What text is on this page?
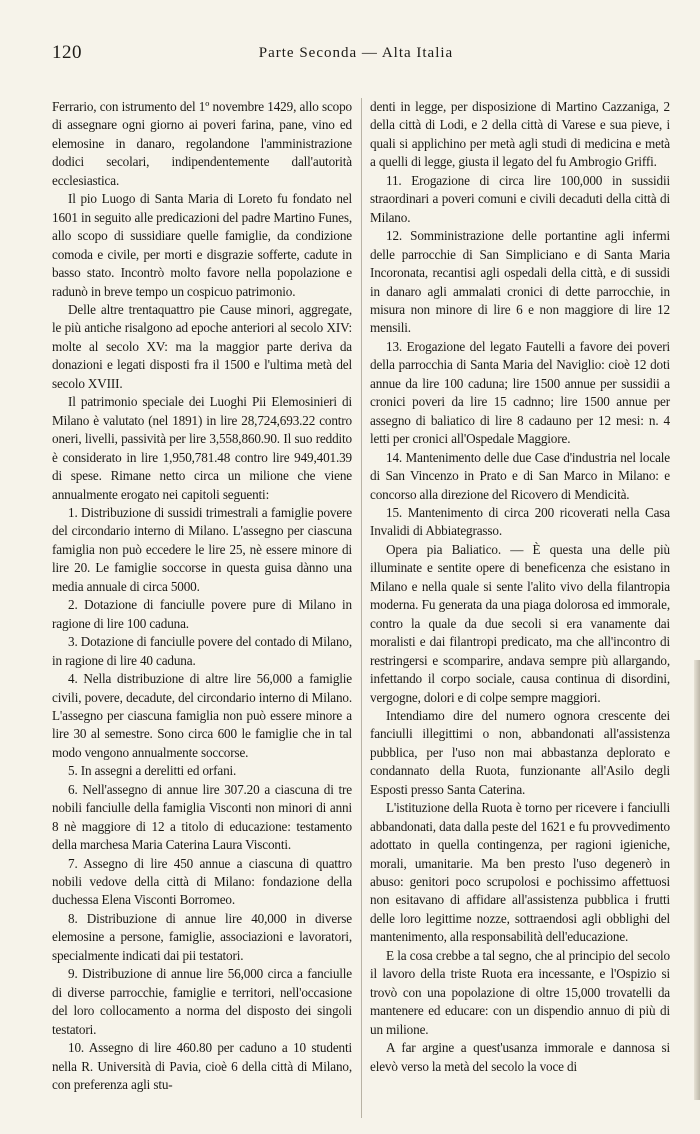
120	Parte Seconda — Alta Italia

Ferrario, con istrumento del 1º novembre 1429, allo scopo di assegnare ogni giorno ai poveri farina, pane, vino ed elemosine in danaro, regolandone l'amministrazione dodici secolari, indipendentemente dall'autorità ecclesiastica.

Il pio Luogo di Santa Maria di Loreto fu fondato nel 1601 in seguito alle predicazioni del padre Martino Funes, allo scopo di sussidiare quelle famiglie, da condizione comoda e civile, per morti e disgrazie sofferte, cadute in basso stato. Incontrò molto favore nella popolazione e radunò in breve tempo un cospicuo patrimonio.

Delle altre trentaquattro pie Cause minori, aggregate, le più antiche risalgono ad epoche anteriori al secolo XIV: molte al secolo XV: ma la maggior parte deriva da donazioni e legati disposti fra il 1500 e l'ultima metà del secolo XVIII.

Il patrimonio speciale dei Luoghi Pii Elemosinieri di Milano è valutato (nel 1891) in lire 28,724,693.22 contro oneri, livelli, passività per lire 3,558,860.90. Il suo reddito è considerato in lire 1,950,781.48 contro lire 949,401.39 di spese. Rimane netto circa un milione che viene annualmente erogato nei capitoli seguenti:

1. Distribuzione di sussidi trimestrali a famiglie povere del circondario interno di Milano. L'assegno per ciascuna famiglia non può eccedere le lire 25, nè essere minore di lire 20. Le famiglie soccorse in questa guisa dànno una media annuale di circa 5000.

2. Dotazione di fanciulle povere pure di Milano in ragione di lire 100 caduna.

3. Dotazione di fanciulle povere del contado di Milano, in ragione di lire 40 caduna.

4. Nella distribuzione di altre lire 56,000 a famiglie civili, povere, decadute, del circondario interno di Milano. L'assegno per ciascuna famiglia non può essere minore a lire 30 al semestre. Sono circa 600 le famiglie che in tal modo vengono annualmente soccorse.

5. In assegni a derelitti ed orfani.

6. Nell'assegno di annue lire 307.20 a ciascuna di tre nobili fanciulle della famiglia Visconti non minori di anni 8 nè maggiore di 12 a titolo di educazione: testamento della marchesa Maria Caterina Laura Visconti.

7. Assegno di lire 450 annue a ciascuna di quattro nobili vedove della città di Milano: fondazione della duchessa Elena Visconti Borromeo.

8. Distribuzione di annue lire 40,000 in diverse elemosine a persone, famiglie, associazioni e lavoratori, specialmente indicati dai pii testatori.

9. Distribuzione di annue lire 56,000 circa a fanciulle di diverse parrocchie, famiglie e territori, nell'occasione del loro collocamento a norma del disposto dei singoli testatori.

10. Assegno di lire 460.80 per caduno a 10 studenti nella R. Università di Pavia, cioè 6 della città di Milano, con preferenza agli stu-

denti in legge, per disposizione di Martino Cazzaniga, 2 della città di Lodi, e 2 della città di Varese e sua pieve, i quali si applichino per metà agli studi di medicina e metà a quelli di legge, giusta il legato del fu Ambrogio Griffi.

11. Erogazione di circa lire 100,000 in sussidii straordinari a poveri comuni e civili decaduti della città di Milano.

12. Somministrazione delle portantine agli infermi delle parrocchie di San Simpliciano e di Santa Maria Incoronata, recantisi agli ospedali della città, e di sussidi in danaro agli ammalati cronici di dette parrocchie, in misura non minore di lire 6 e non maggiore di lire 12 mensili.

13. Erogazione del legato Fautelli a favore dei poveri della parrocchia di Santa Maria del Naviglio: cioè 12 doti annue da lire 100 caduna; lire 1500 annue per sussidii a cronici poveri da lire 15 cadnno; lire 1500 annue per assegno di baliatico di lire 8 cadauno per 12 mesi: n. 4 letti per cronici all'Ospedale Maggiore.

14. Mantenimento delle due Case d'industria nel locale di San Vincenzo in Prato e di San Marco in Milano: e concorso alla direzione del Ricovero di Mendicità.

15. Mantenimento di circa 200 ricoverati nella Casa Invalidi di Abbiategrasso.

Opera pia Baliatico. — È questa una delle più illuminate e sentite opere di beneficenza che esistano in Milano e nella quale si sente l'alito vivo della filantropia moderna. Fu generata da una piaga dolorosa ed immorale, contro la quale da due secoli si era vanamente dai moralisti e dai filantropi predicato, ma che all'incontro di restringersi e scomparire, andava sempre più allargando, infettando il corpo sociale, causa continua di disordini, vergogne, dolori e di colpe sempre maggiori.

Intendiamo dire del numero ognora crescente dei fanciulli illegittimi o non, abbandonati all'assistenza pubblica, per l'uso non mai abbastanza deplorato e condannato della Ruota, funzionante all'Asilo degli Esposti presso Santa Caterina.

L'istituzione della Ruota è torno per ricevere i fanciulli abbandonati, data dalla peste del 1621 e fu provvedimento adottato in quella contingenza, per ragioni igieniche, morali, umanitarie. Ma ben presto l'uso degenerò in abuso: genitori poco scrupolosi e pochissimo affettuosi non esitavano di affidare all'assistenza pubblica i frutti delle loro legittime nozze, sottraendosi agli obblighi del mantenimento, alla responsabilità dell'educazione.

E la cosa crebbe a tal segno, che al principio del secolo il lavoro della triste Ruota era incessante, e l'Ospizio si trovò con una popolazione di oltre 15,000 trovatelli da mantenere ed educare: con un dispendio annuo di più di un milione.

A far argine a quest'usanza immorale e dannosa si elevò verso la metà del secolo la voce di
